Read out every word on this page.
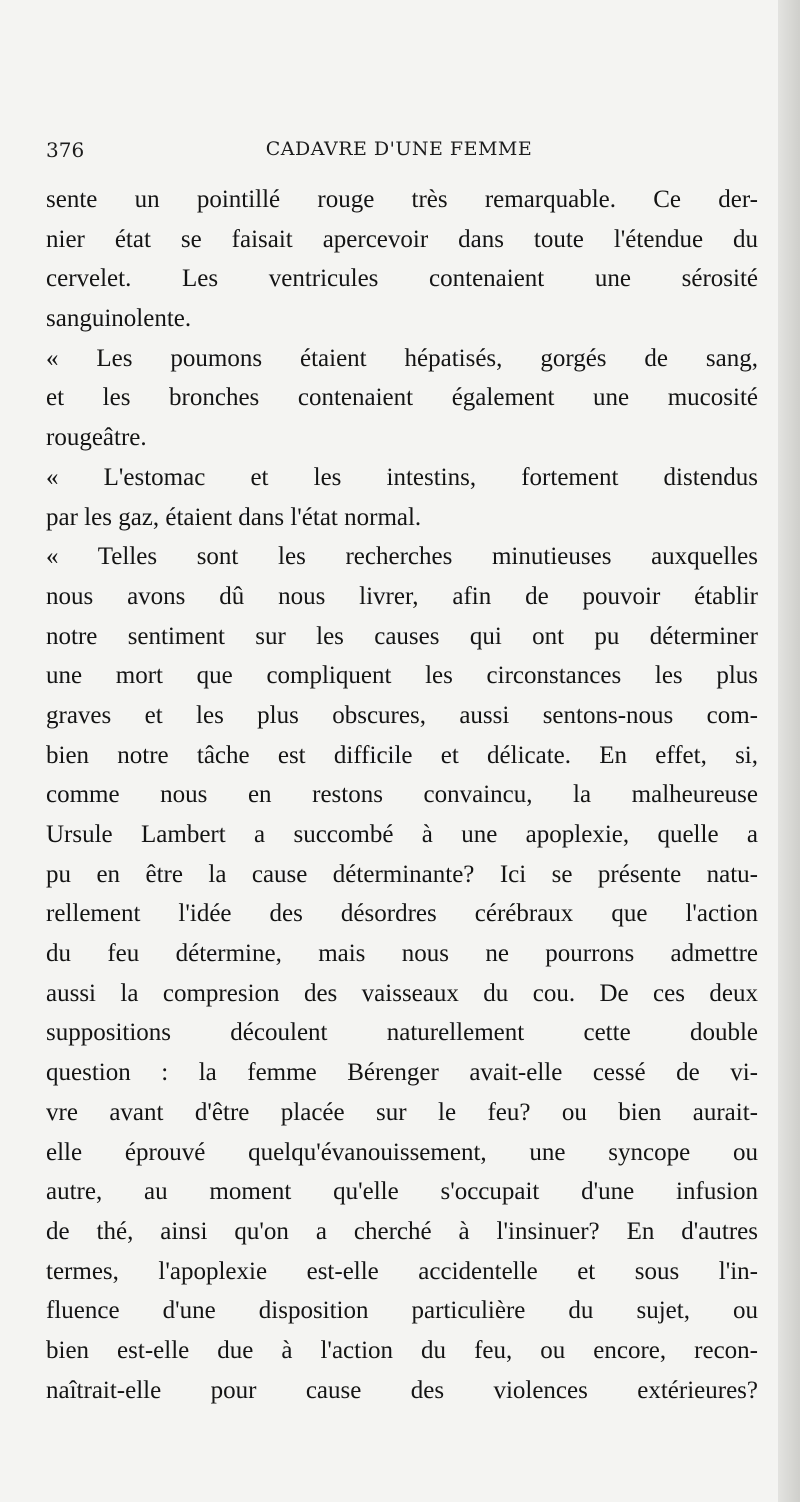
376	CADAVRE D'UNE FEMME
sente un pointillé rouge très remarquable. Ce der-
nier état se faisait apercevoir dans toute l'étendue du
cervelet. Les ventricules contenaient une sérosité
sanguinolente.
« Les poumons étaient hépatisés, gorgés de sang,
et les bronches contenaient également une mucosité
rougeâtre.
« L'estomac et les intestins, fortement distendus
par les gaz, étaient dans l'état normal.
« Telles sont les recherches minutieuses auxquelles
nous avons dû nous livrer, afin de pouvoir établir
notre sentiment sur les causes qui ont pu déterminer
une mort que compliquent les circonstances les plus
graves et les plus obscures, aussi sentons-nous com-
bien notre tâche est difficile et délicate. En effet, si,
comme nous en restons convaincu, la malheureuse
Ursule Lambert a succombé à une apoplexie, quelle a
pu en être la cause déterminante? Ici se présente natu-
rellement l'idée des désordres cérébraux que l'action
du feu détermine, mais nous ne pourrons admettre
aussi la compresion des vaisseaux du cou. De ces deux
suppositions découlent naturellement cette double
question : la femme Bérenger avait-elle cessé de vi-
vre avant d'être placée sur le feu? ou bien aurait-
elle éprouvé quelqu'évanouissement, une syncope ou
autre, au moment qu'elle s'occupait d'une infusion
de thé, ainsi qu'on a cherché à l'insinuer? En d'autres
termes, l'apoplexie est-elle accidentelle et sous l'in-
fluence d'une disposition particulière du sujet, ou
bien est-elle due à l'action du feu, ou encore, recon-
naîtrait-elle pour cause des violences extérieures?
